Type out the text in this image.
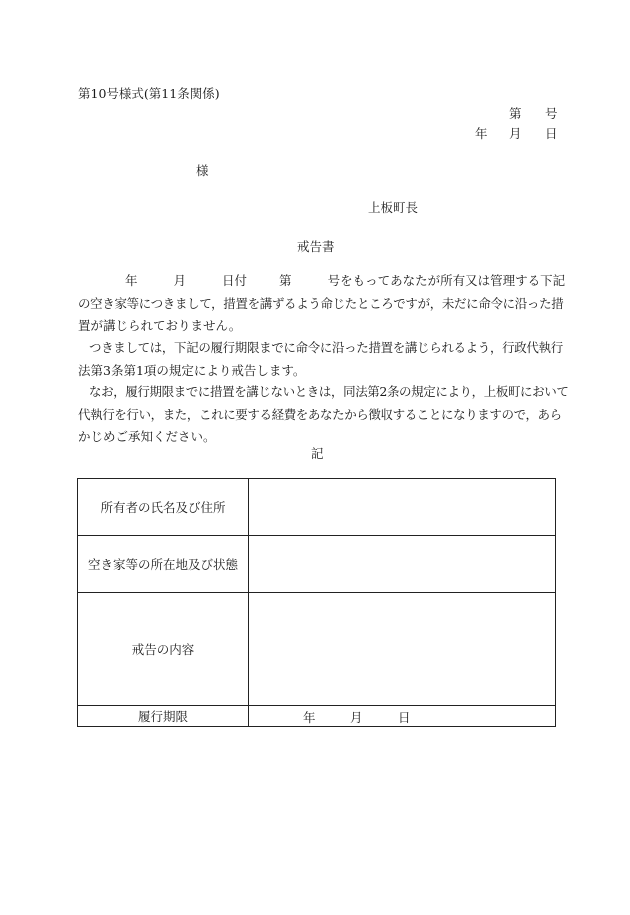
第10号様式(第11条関係)
第 号
年 月 日
様
上板町長
戒告書
年	月	日付	第	号をもってあなたが所有又は管理する下記
の空き家等につきまして，措置を講ずるよう命じたところですが，未だに命令に沿った措
置が講じられておりません。
つきましては，下記の履行期限までに命令に沿った措置を講じられるよう，行政代執行
法第3条第1項の規定により戒告します。
なお，履行期限までに措置を講じないときは，同法第2条の規定により，上板町において
代執行を行い，また，これに要する経費をあなたから徴収することになりますので，あら
かじめご承知ください。
記
所有者の氏名及び住所	
空き家等の所在地及び状態	
戒告の内容	
履行期限	年 月 日
